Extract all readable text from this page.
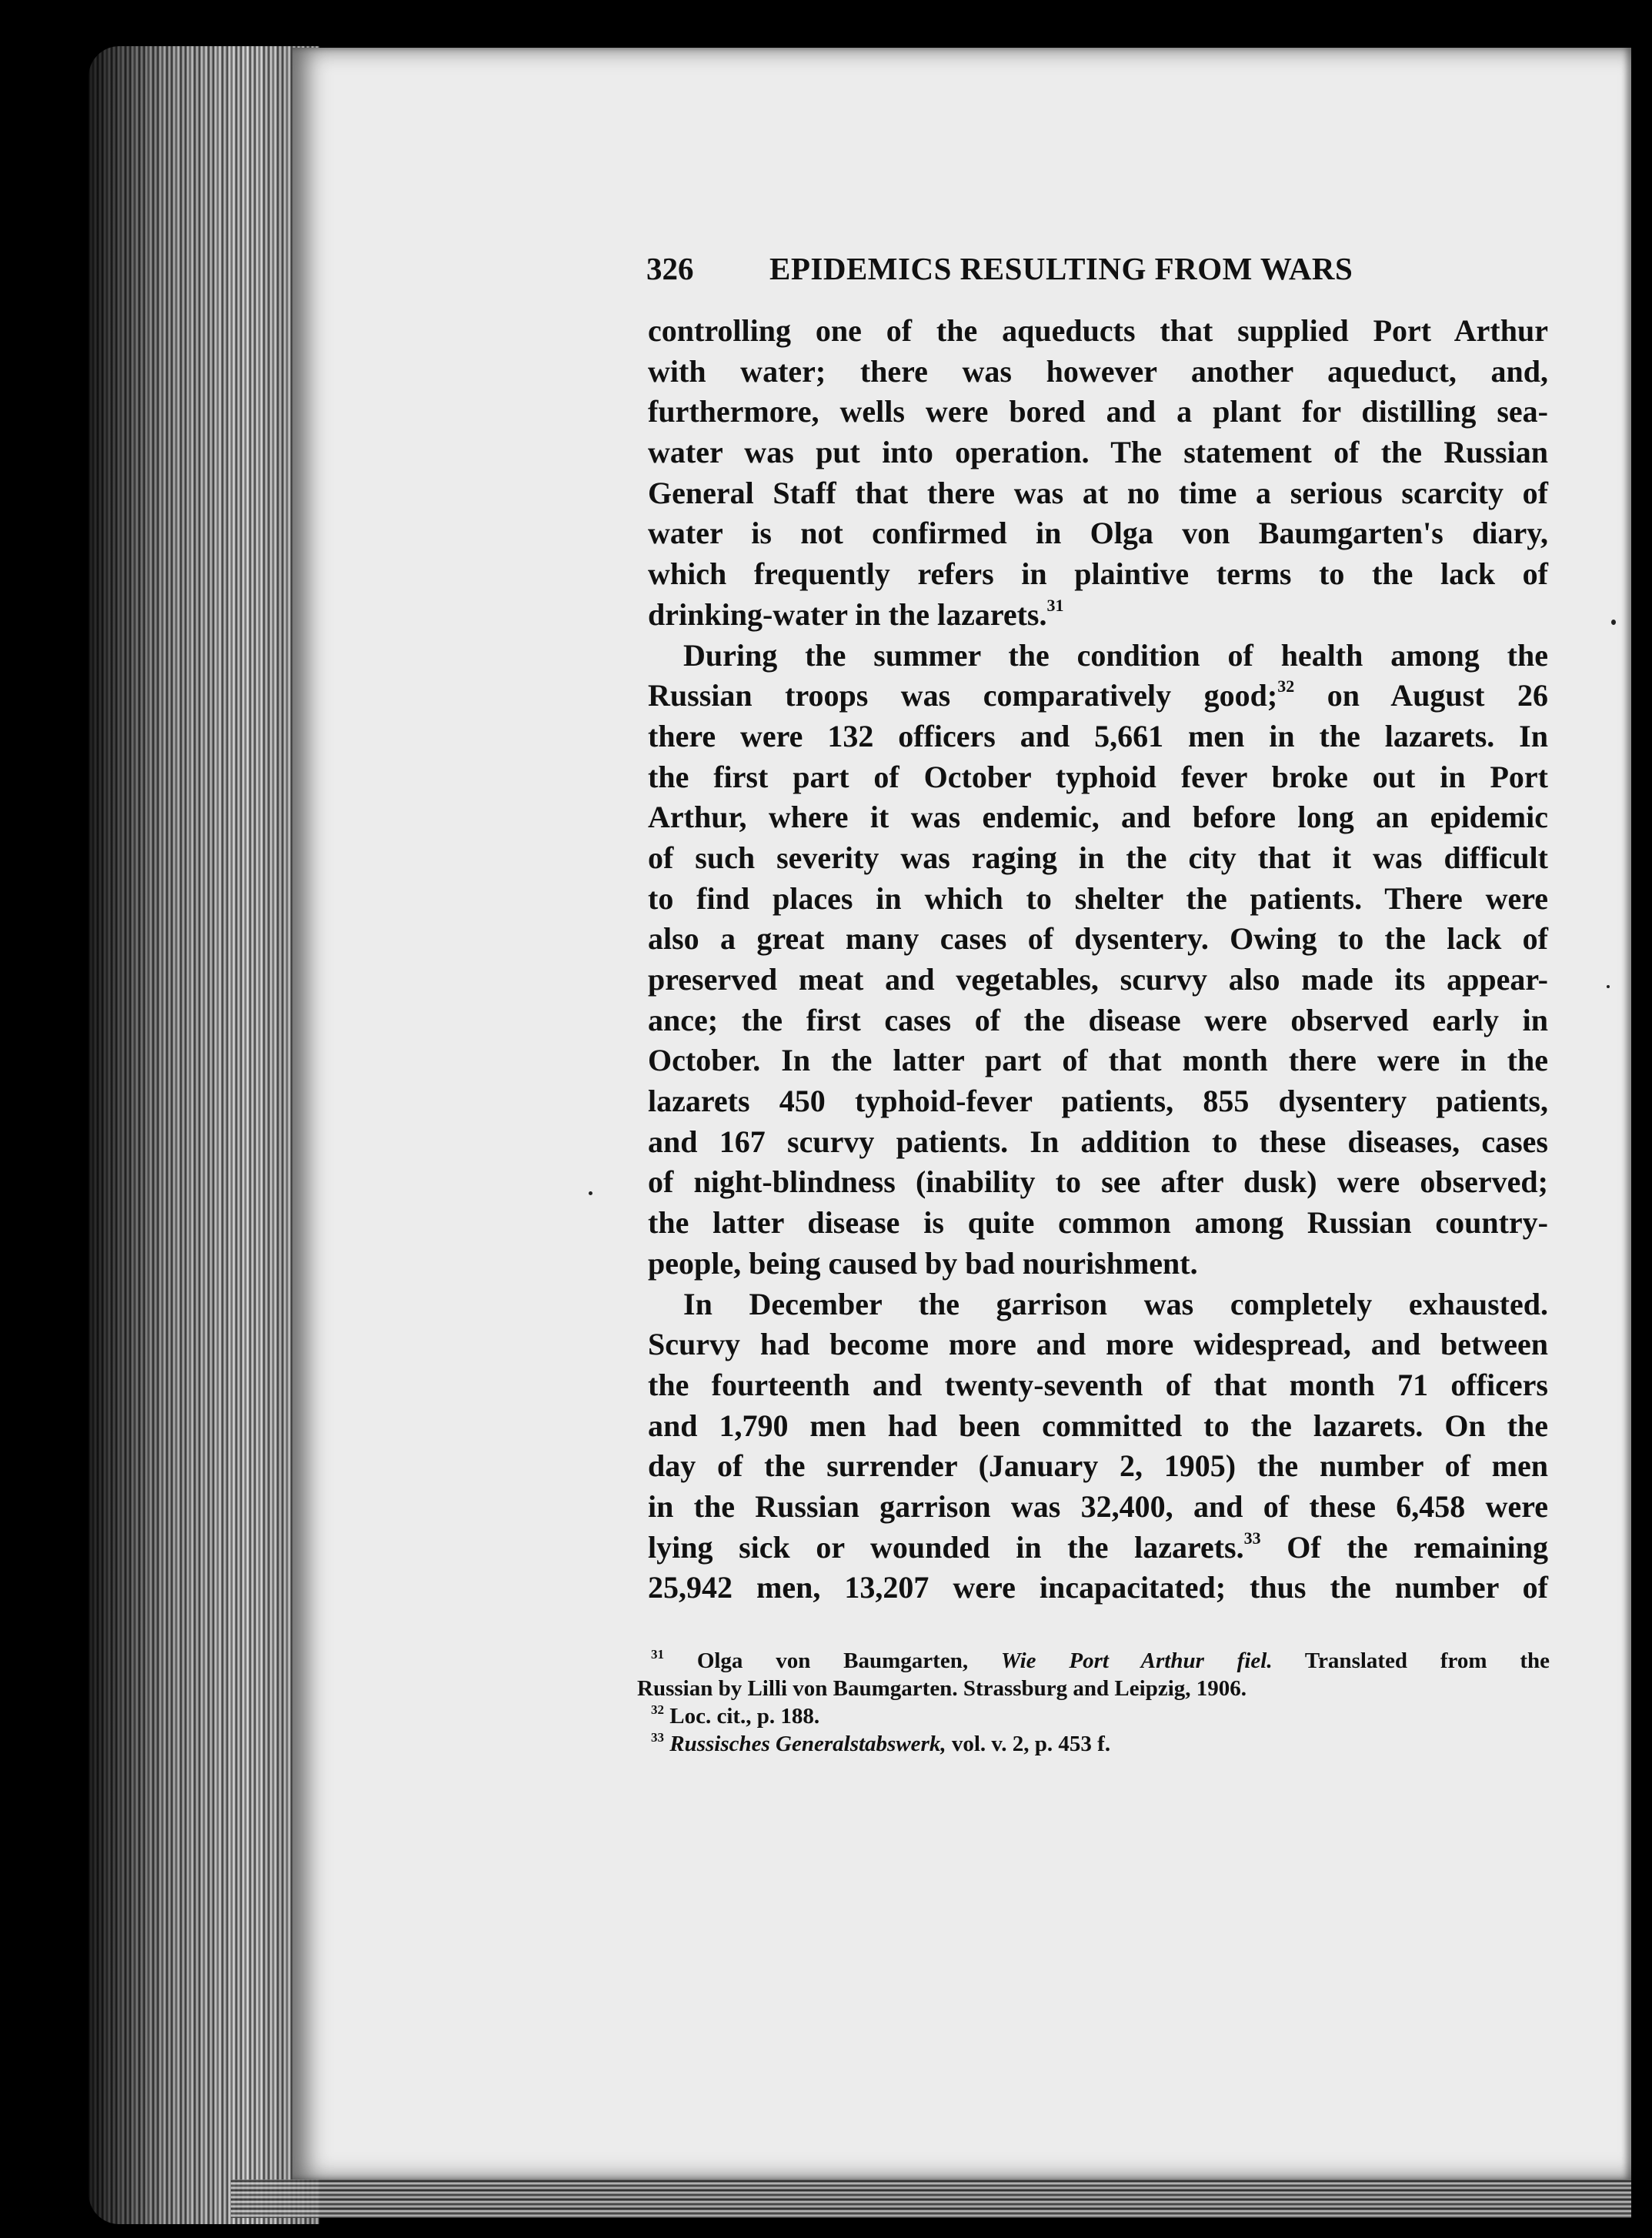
326 EPIDEMICS RESULTING FROM WARS
controlling one of the aqueducts that supplied Port Arthur
with water; there was however another aqueduct, and,
furthermore, wells were bored and a plant for distilling sea-
water was put into operation. The statement of the Russian
General Staff that there was at no time a serious scarcity of
water is not confirmed in Olga von Baumgarten's diary,
which frequently refers in plaintive terms to the lack of
drinking-water in the lazarets.$^{31}$
During the summer the condition of health among the
Russian troops was comparatively good;$^{32}$ on August 26
there were 132 officers and 5,661 men in the lazarets. In
the first part of October typhoid fever broke out in Port
Arthur, where it was endemic, and before long an epidemic
of such severity was raging in the city that it was difficult
to find places in which to shelter the patients. There were
also a great many cases of dysentery. Owing to the lack of
preserved meat and vegetables, scurvy also made its appear-
ance; the first cases of the disease were observed early in
October. In the latter part of that month there were in the
lazarets 450 typhoid-fever patients, 855 dysentery patients,
and 167 scurvy patients. In addition to these diseases, cases
of night-blindness (inability to see after dusk) were observed;
the latter disease is quite common among Russian country-
people, being caused by bad nourishment.
In December the garrison was completely exhausted.
Scurvy had become more and more widespread, and between
the fourteenth and twenty-seventh of that month 71 officers
and 1,790 men had been committed to the lazarets. On the
day of the surrender (January 2, 1905) the number of men
in the Russian garrison was 32,400, and of these 6,458 were
lying sick or wounded in the lazarets.$^{33}$ Of the remaining
25,942 men, 13,207 were incapacitated; thus the number of
$^{31}$ Olga von Baumgarten, Wie Port Arthur fiel. Translated from the
Russian by Lilli von Baumgarten. Strassburg and Leipzig, 1906.
$^{32}$ Loc. cit., p. 188.
$^{33}$ Russisches Generalstabswerk, vol. v. 2, p. 453 f.
